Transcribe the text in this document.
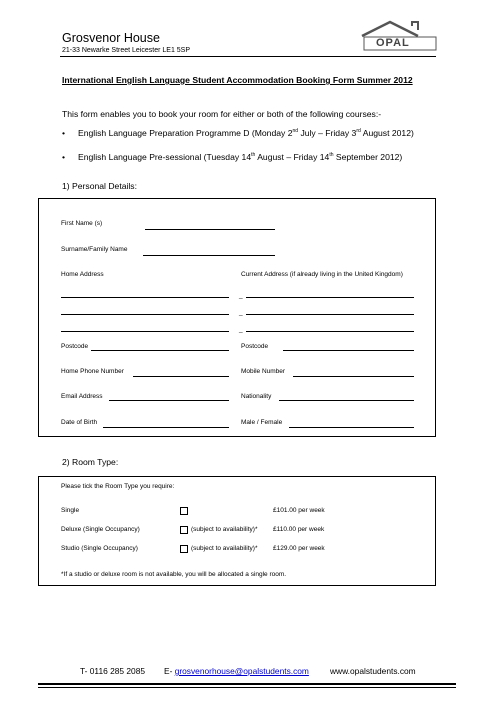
Grosvenor House
21-33 Newarke Street Leicester LE1 5SP
OPAL
International English Language Student Accommodation Booking Form Summer 2012
This form enables you to book your room for either or both of the following courses:-
• English Language Preparation Programme D (Monday 2nd July – Friday 3rd August 2012)
• English Language Pre-sessional (Tuesday 14th August – Friday 14th September 2012)
1) Personal Details:
First Name (s)
Surname/Family Name
Home Address	Current Address (if already living in the United Kingdom)
_
_
_
Postcode	Postcode
Home Phone Number	Mobile Number
Email Address	Nationality
Date of Birth	Male / Female
2) Room Type:
Please tick the Room Type you require:
Single	£101.00 per week
Deluxe (Single Occupancy)	(subject to availability)* £110.00 per week
Studio (Single Occupancy)	(subject to availability)* £129.00 per week
*If a studio or deluxe room is not available, you will be allocated a single room.
T- 0116 285 2085 E- grosvenorhouse@opalstudents.com	www.opalstudents.com
